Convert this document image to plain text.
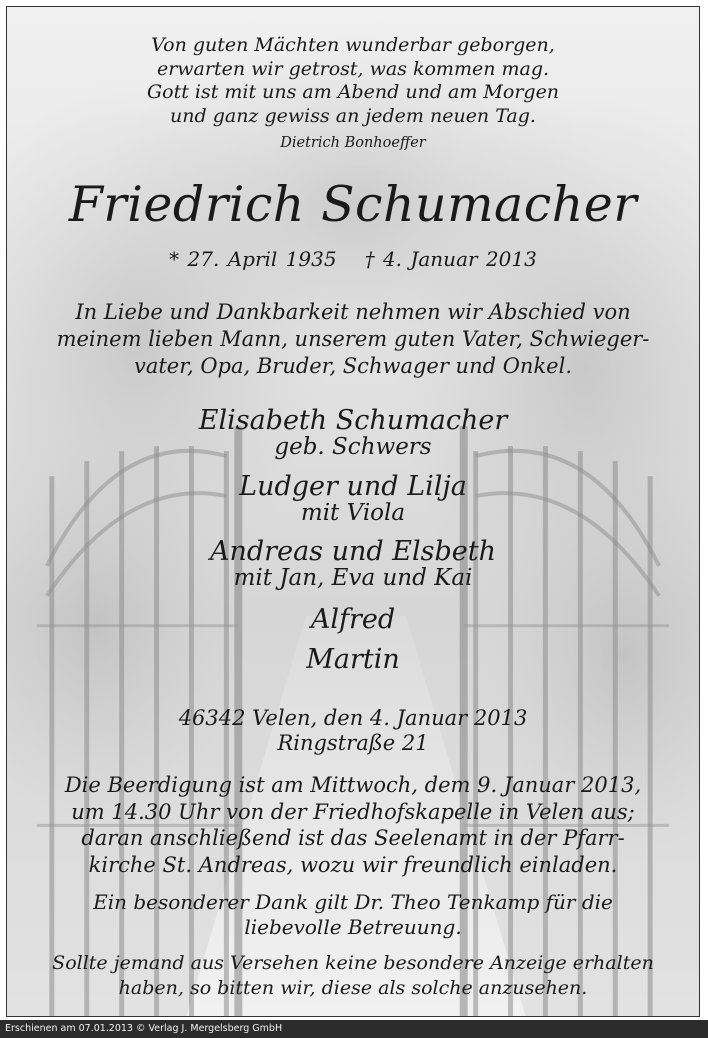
Von guten Mächten wunderbar geborgen,
erwarten wir getrost, was kommen mag.
Gott ist mit uns am Abend und am Morgen
und ganz gewiss an jedem neuen Tag.
Dietrich Bonhoeffer
Friedrich Schumacher
* 27. April 1935 † 4. Januar 2013
In Liebe und Dankbarkeit nehmen wir Abschied von
meinem lieben Mann, unserem guten Vater, Schwieger-
vater, Opa, Bruder, Schwager und Onkel.
Elisabeth Schumacher
geb. Schwers
Ludger und Lilja
mit Viola
Andreas und Elsbeth
mit Jan, Eva und Kai
Alfred
Martin
46342 Velen, den 4. Januar 2013
Ringstraße 21
Die Beerdigung ist am Mittwoch, dem 9. Januar 2013,
um 14.30 Uhr von der Friedhofskapelle in Velen aus;
daran anschließend ist das Seelenamt in der Pfarr-
kirche St. Andreas, wozu wir freundlich einladen.
Ein besonderer Dank gilt Dr. Theo Tenkamp für die
liebevolle Betreuung.
Sollte jemand aus Versehen keine besondere Anzeige erhalten
haben, so bitten wir, diese als solche anzusehen.
Erschienen am 07.01.2013 © Verlag J. Mergelsberg GmbH
